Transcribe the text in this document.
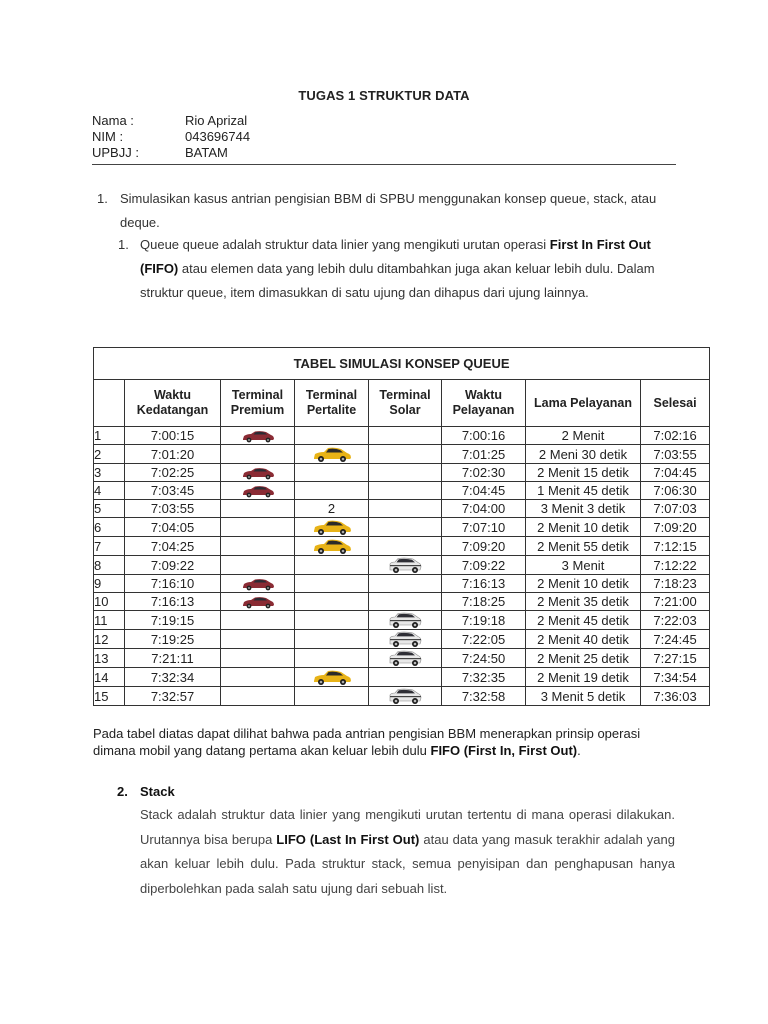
TUGAS 1 STRUKTUR DATA
Nama :	Rio Aprizal
NIM :	043696744
UPBJJ :	BATAM
1. Simulasikan kasus antrian pengisian BBM di SPBU menggunakan konsep queue, stack, atau deque.
1. Queue queue adalah struktur data linier yang mengikuti urutan operasi First In First Out (FIFO) atau elemen data yang lebih dulu ditambahkan juga akan keluar lebih dulu. Dalam struktur queue, item dimasukkan di satu ujung dan dihapus dari ujung lainnya.
TABEL SIMULASI KONSEP QUEUE							
	Waktu Kedatangan	Terminal Premium	Terminal Pertalite	Terminal Solar	Waktu Pelayanan	Lama Pelayanan	Selesai
1	7:00:15				7:00:16	2 Menit	7:02:16
2	7:01:20				7:01:25	2 Meni 30 detik	7:03:55
3	7:02:25				7:02:30	2 Menit 15 detik	7:04:45
4	7:03:45				7:04:45	1 Menit 45 detik	7:06:30
5	7:03:55		2		7:04:00	3 Menit 3 detik	7:07:03
6	7:04:05				7:07:10	2 Menit 10 detik	7:09:20
7	7:04:25				7:09:20	2 Menit 55 detik	7:12:15
8	7:09:22				7:09:22	3 Menit	7:12:22
9	7:16:10				7:16:13	2 Menit 10 detik	7:18:23
10	7:16:13				7:18:25	2 Menit 35 detik	7:21:00
11	7:19:15				7:19:18	2 Menit 45 detik	7:22:03
12	7:19:25				7:22:05	2 Menit 40 detik	7:24:45
13	7:21:11				7:24:50	2 Menit 25 detik	7:27:15
14	7:32:34				7:32:35	2 Menit 19 detik	7:34:54
15	7:32:57				7:32:58	3 Menit 5 detik	7:36:03
Pada tabel diatas dapat dilihat bahwa pada antrian pengisian BBM menerapkan prinsip operasi dimana mobil yang datang pertama akan keluar lebih dulu FIFO (First In, First Out).
2. Stack
Stack adalah struktur data linier yang mengikuti urutan tertentu di mana operasi dilakukan. Urutannya bisa berupa LIFO (Last In First Out) atau data yang masuk terakhir adalah yang akan keluar lebih dulu. Pada struktur stack, semua penyisipan dan penghapusan hanya diperbolehkan pada salah satu ujung dari sebuah list.
